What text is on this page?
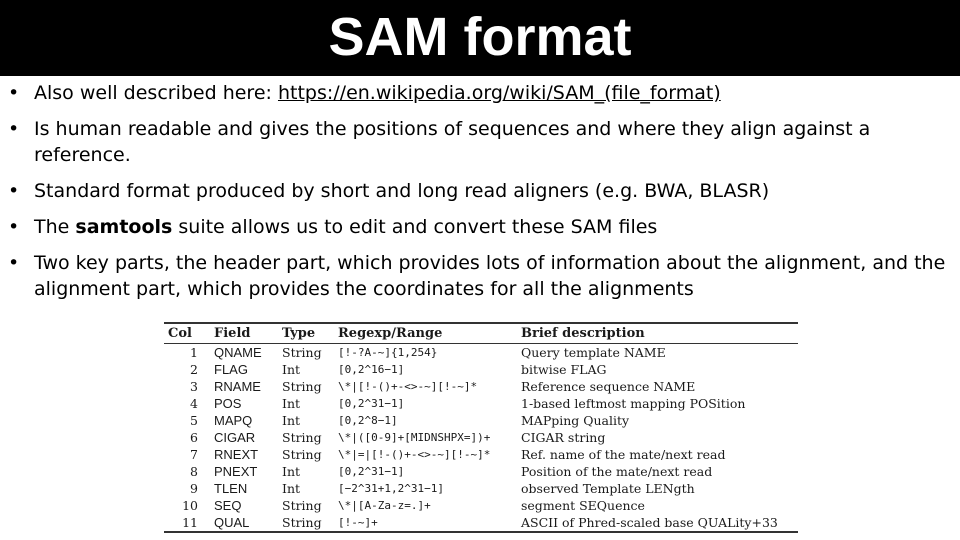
SAM format
• Also well described here: https://en.wikipedia.org/wiki/SAM_(file_format)
• Is human readable and gives the positions of sequences and where they align against a reference.
• Standard format produced by short and long read aligners (e.g. BWA, BLASR)
• The samtools suite allows us to edit and convert these SAM files
• Two key parts, the header part, which provides lots of information about the alignment, and the alignment part, which provides the coordinates for all the alignments
Col	Field	Type	Regexp/Range	Brief description
1	QNAME	String	[!-?A-~]{1,254}	Query template NAME
2	FLAG	Int	[0,2^16−1]	bitwise FLAG
3	RNAME	String	\*|[!-()+-<>-~][!-~]*	Reference sequence NAME
4	POS	Int	[0,2^31−1]	1-based leftmost mapping POSition
5	MAPQ	Int	[0,2^8−1]	MAPping Quality
6	CIGAR	String	\*|([0-9]+[MIDNSHPX=])+	CIGAR string
7	RNEXT	String	\*|=|[!-()+-<>-~][!-~]*	Ref. name of the mate/next read
8	PNEXT	Int	[0,2^31−1]	Position of the mate/next read
9	TLEN	Int	[−2^31+1,2^31−1]	observed Template LENgth
10	SEQ	String	\*|[A-Za-z=.]+	segment SEQuence
11	QUAL	String	[!-~]+	ASCII of Phred-scaled base QUALity+33
